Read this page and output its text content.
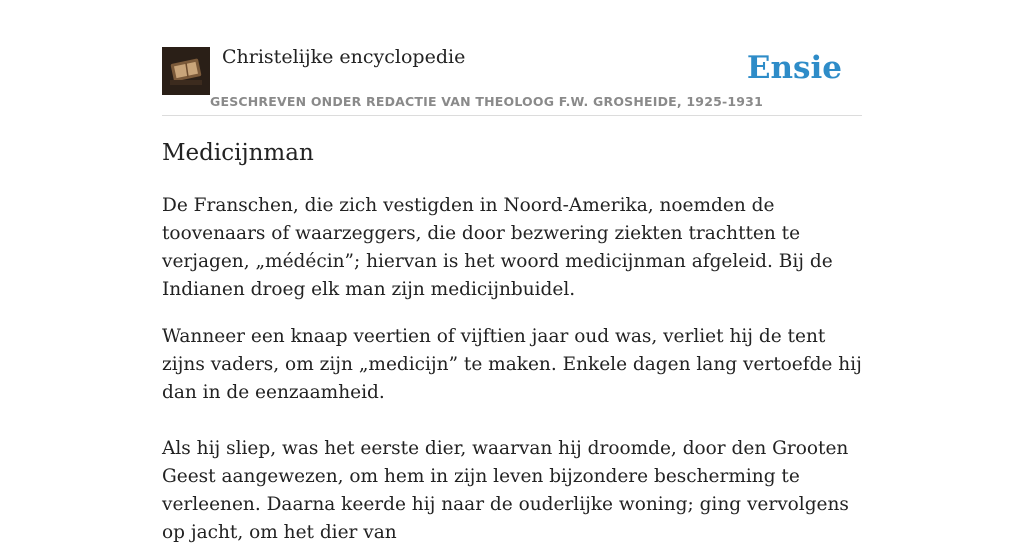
Christelijke encyclopedie
GESCHREVEN ONDER REDACTIE VAN THEOLOOG F.W. GROSHEIDE, 1925-1931
Ensie
Medicijnman

De Franschen, die zich vestigden in Noord-Amerika, noemden de toovenaars of waarzeggers, die door bezwering ziekten trachtten te verjagen, „médécin”; hiervan is het woord medicijnman afgeleid. Bij de Indianen droeg elk man zijn medicijnbuidel.

Wanneer een knaap veertien of vijftien jaar oud was, verliet hij de tent zijns vaders, om zijn „medicijn” te maken. Enkele dagen lang vertoefde hij dan in de eenzaamheid.

Als hij sliep, was het eerste dier, waarvan hij droomde, door den Grooten Geest aangewezen, om hem in zijn leven bijzondere bescherming te verleenen. Daarna keerde hij naar de ouderlijke woning; ging vervolgens op jacht, om het dier van
